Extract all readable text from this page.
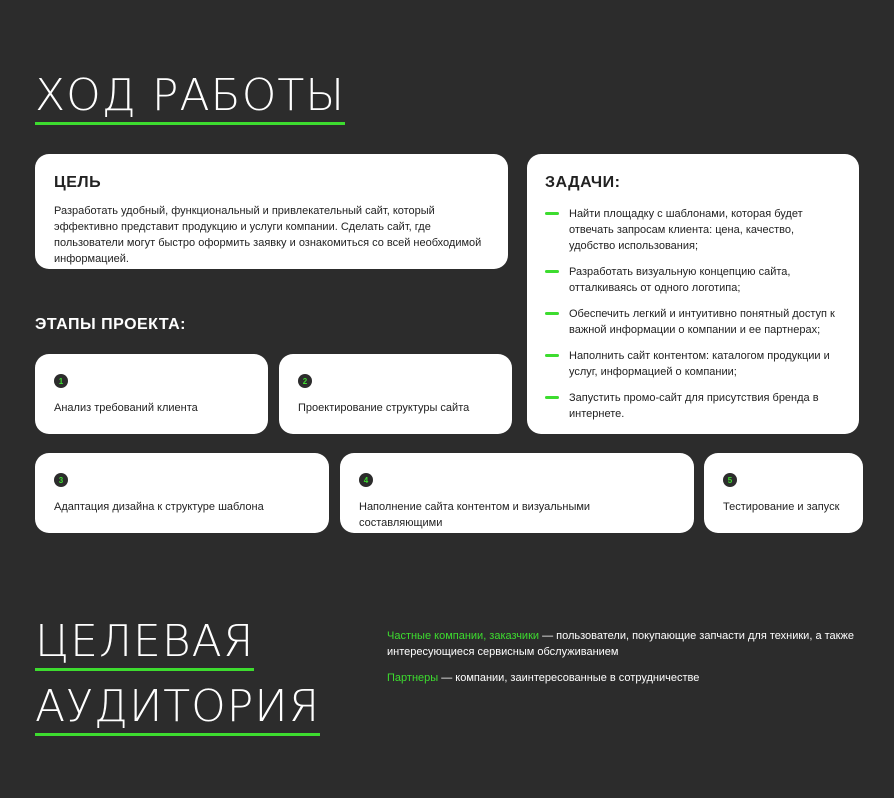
ХОД РАБОТЫ
ЦЕЛЬ
Разработать удобный, функциональный и привлекательный сайт, который эффективно представит продукцию и услуги компании. Сделать сайт, где пользователи могут быстро оформить заявку и ознакомиться со всей необходимой информацией.
ЗАДАЧИ:
Найти площадку с шаблонами, которая будет отвечать запросам клиента: цена, качество, удобство использования;
Разработать визуальную концепцию сайта, отталкиваясь от одного логотипа;
Обеспечить легкий и интуитивно понятный доступ к важной информации о компании и ее партнерах;
Наполнить сайт контентом: каталогом продукции и услуг, информацией о компании;
Запустить промо-сайт для присутствия бренда в интернете.
ЭТАПЫ ПРОЕКТА:
1
Анализ требований клиента
2
Проектирование структуры сайта
3
Адаптация дизайна к структуре шаблона
4
Наполнение сайта контентом и визуальными составляющими
5
Тестирование и запуск
ЦЕЛЕВАЯ
АУДИТОРИЯ
Частные компании, заказчики — пользователи, покупающие запчасти для техники, а также интересующиеся сервисным обслуживанием
Партнеры — компании, заинтересованные в сотрудничестве
